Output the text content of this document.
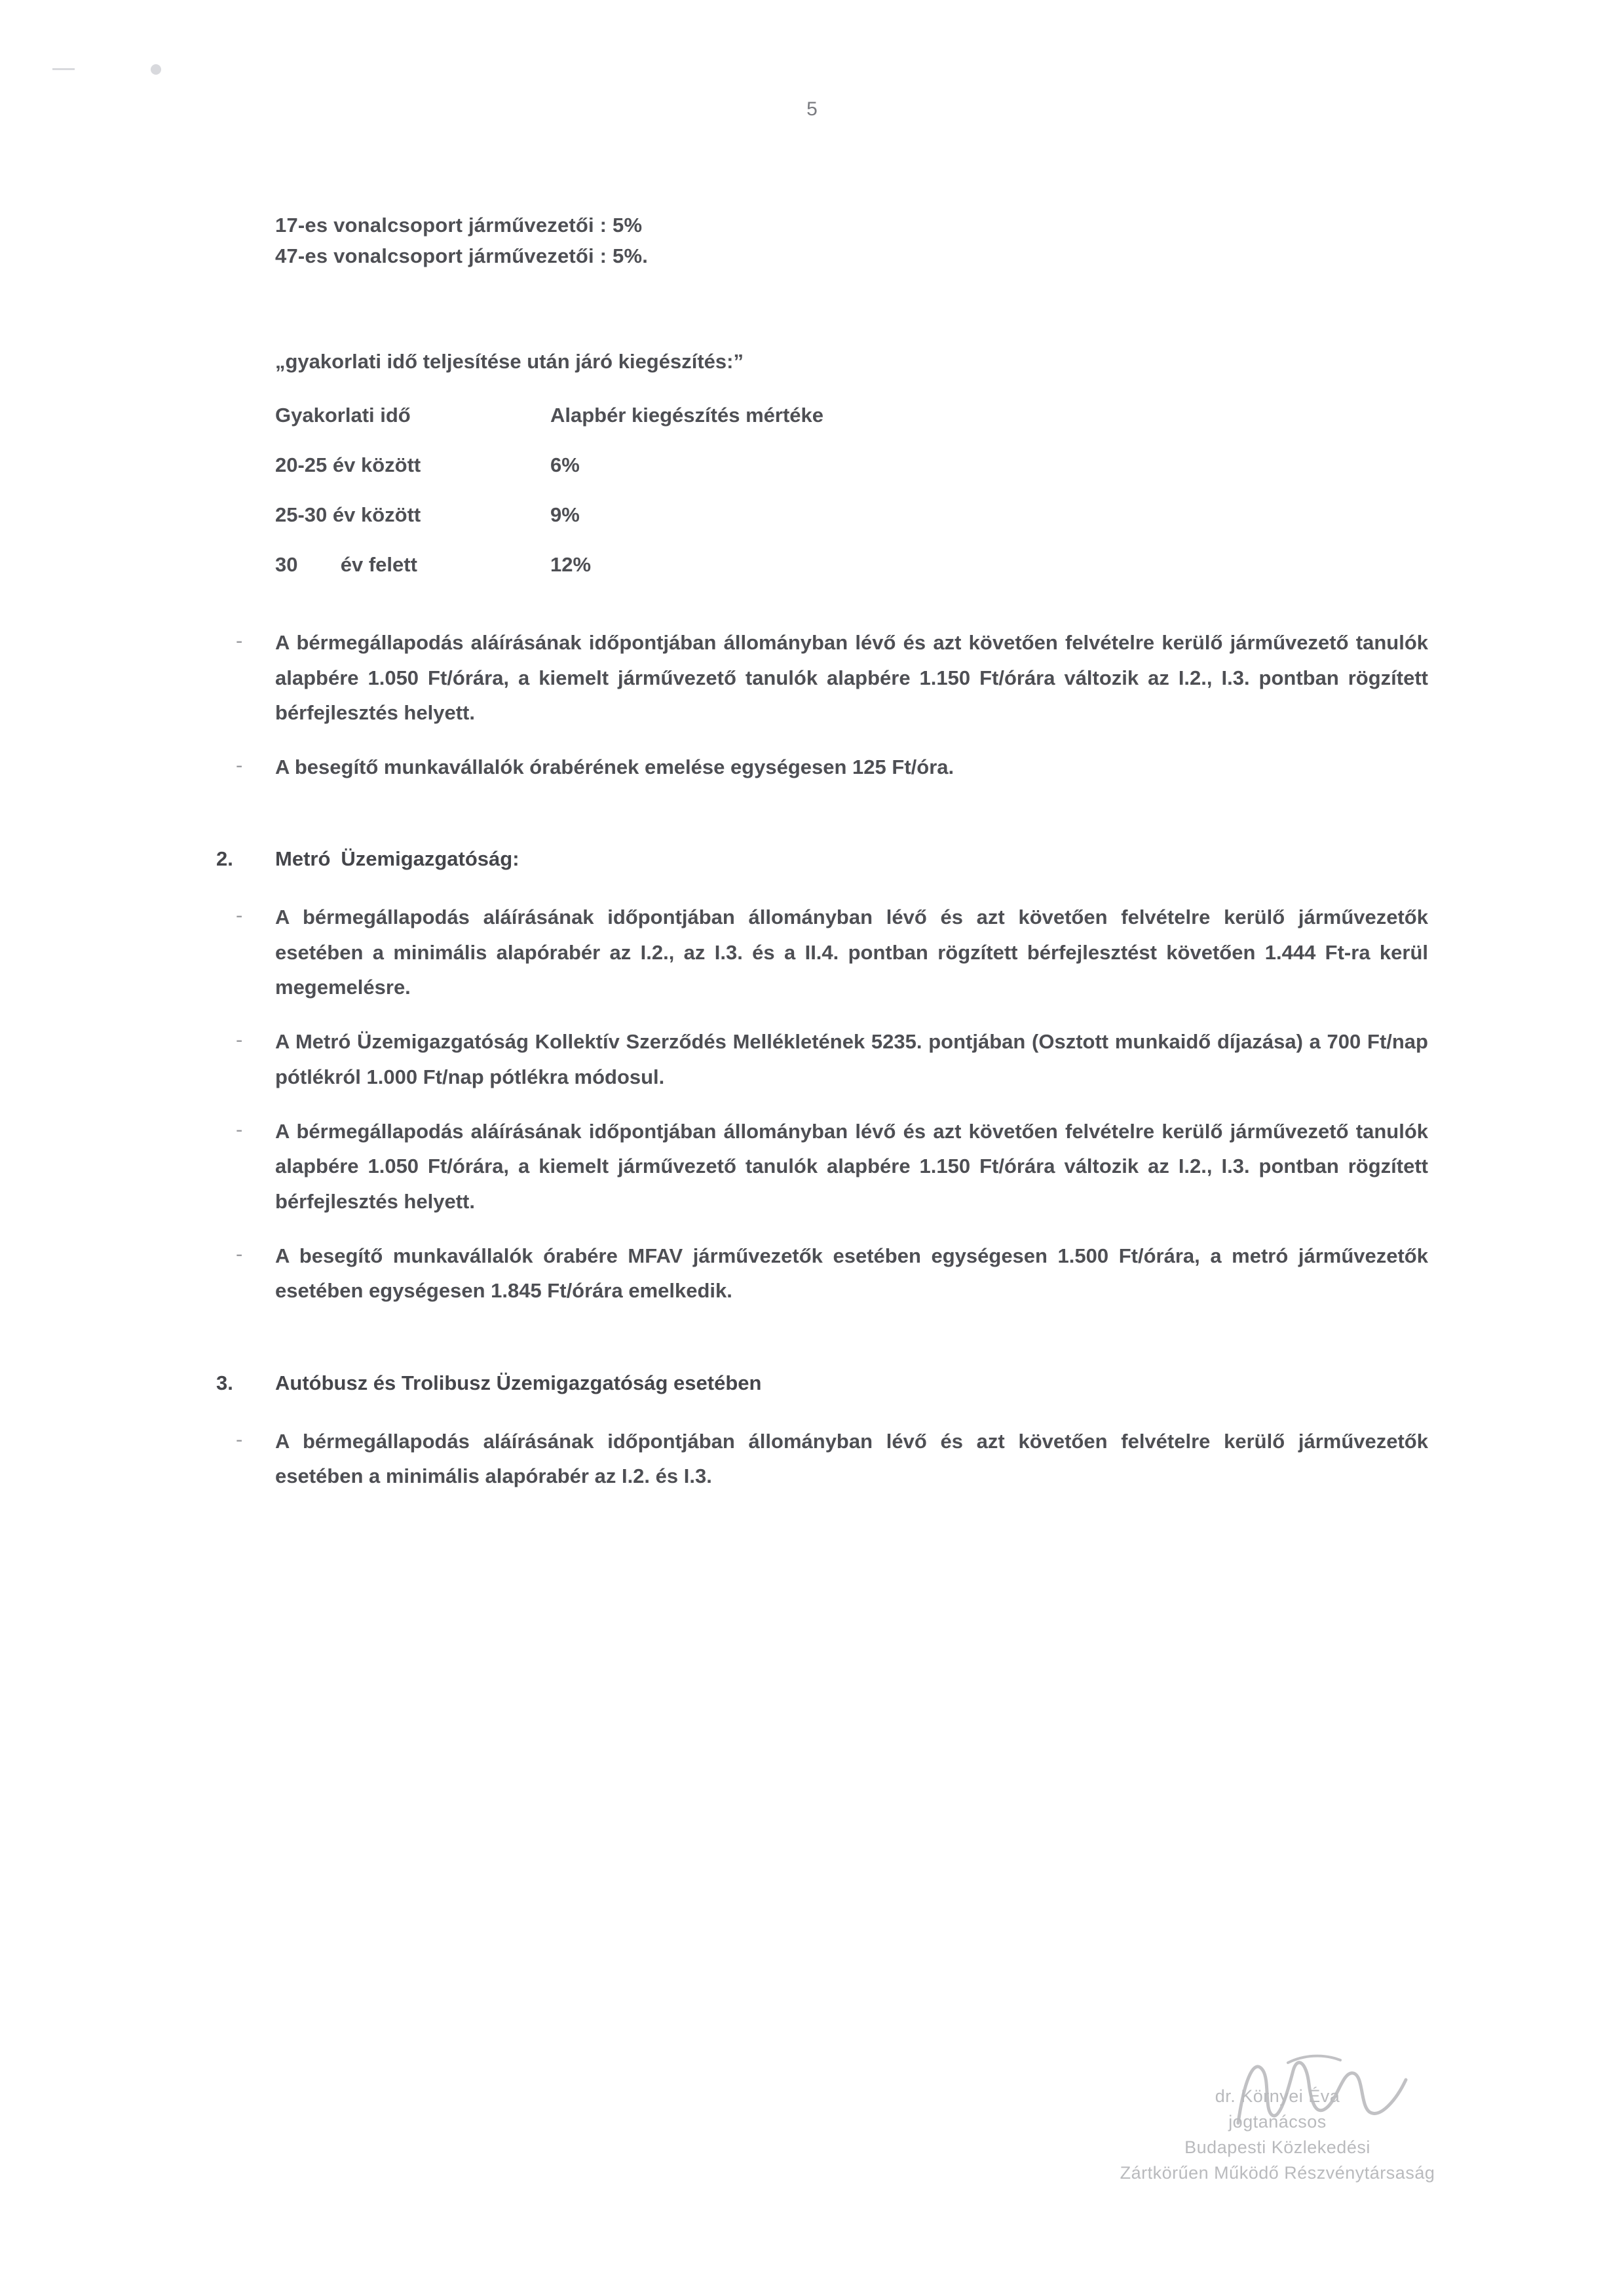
5
17-es vonalcsoport járművezetői : 5%
47-es vonalcsoport járművezetői : 5%.
„gyakorlati idő teljesítése után járó kiegészítés:”
Gyakorlati idő	Alapbér kiegészítés mértéke
20-25 év között	6%
25-30 év között	9%
30 év felett	12%
- A bérmegállapodás aláírásának időpontjában állományban lévő és azt követően felvételre kerülő járművezető tanulók alapbére 1.050 Ft/órára, a kiemelt járművezető tanulók alapbére 1.150 Ft/órára változik az I.2., I.3. pontban rögzített bérfejlesztés helyett.

- A besegítő munkavállalók órabérének emelése egységesen 125 Ft/óra.

2. Metró Üzemigazgatóság:
- A bérmegállapodás aláírásának időpontjában állományban lévő és azt követően felvételre kerülő járművezetők esetében a minimális alapórabér az I.2., az I.3. és a II.4. pontban rögzített bérfejlesztést követően 1.444 Ft-ra kerül megemelésre.

- A Metró Üzemigazgatóság Kollektív Szerződés Mellékletének 5235. pontjában (Osztott munkaidő díjazása) a 700 Ft/nap pótlékról 1.000 Ft/nap pótlékra módosul.

- A bérmegállapodás aláírásának időpontjában állományban lévő és azt követően felvételre kerülő járművezető tanulók alapbére 1.050 Ft/órára, a kiemelt járművezető tanulók alapbére 1.150 Ft/órára változik az I.2., I.3. pontban rögzített bérfejlesztés helyett.

- A besegítő munkavállalók órabére MFAV járművezetők esetében egységesen 1.500 Ft/órára, a metró járművezetők esetében egységesen 1.845 Ft/órára emelkedik.

3. Autóbusz és Trolibusz Üzemigazgatóság esetében
- A bérmegállapodás aláírásának időpontjában állományban lévő és azt követően felvételre kerülő járművezetők esetében a minimális alapórabér az I.2. és I.3.

dr. Környei Éva
jogtanácsos
Budapesti Közlekedési
Zártkörűen Működő Részvénytársaság
